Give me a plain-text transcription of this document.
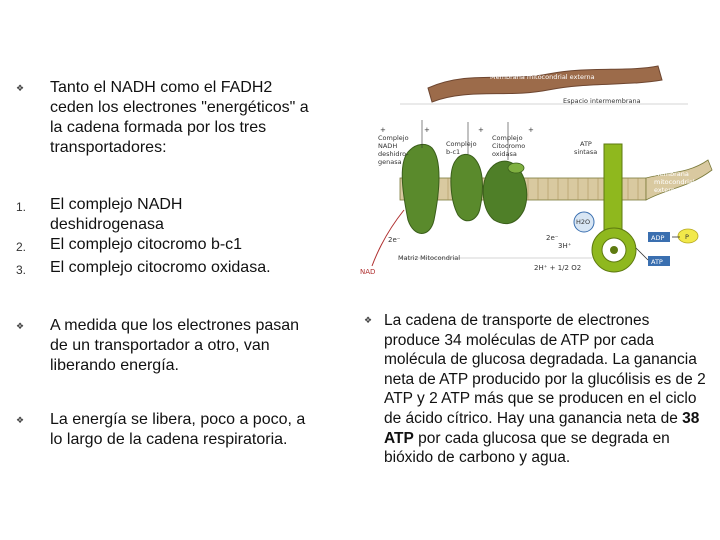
❖ Tanto el NADH como el FADH2
ceden los electrones "energéticos" a
la cadena formada por los tres
transportadores:
1. El complejo NADH
deshidrogenasa
2. El complejo citocromo b-c1
3. El complejo citocromo oxidasa.
❖ A medida que los electrones pasan
de un transportador a otro, van
liberando energía.
❖ La energía se libera, poco a poco, a
lo largo de la cadena respiratoria.
Membrana mitocondrial externa
Espacio intermembrana
Complejo
NADH
deshidro-
genasa
Complejo
b-c1
Complejo
Citocromo
oxidasa
ATP
sintasa
Membrana
mitocondrial
externa
Matriz Mitocondrial
H2O
ADP
ATP
P
+	+	+	+
2e⁻
3H⁺
2H⁺ + 1/2 O2
2e⁻
NAD
❖ La cadena de transporte de electrones produce 34 moléculas de ATP por cada molécula de glucosa degradada. La ganancia neta de ATP producido por la glucólisis es de 2 ATP y 2 ATP más que se producen en el ciclo de ácido cítrico. Hay una ganancia neta de 38 ATP por cada glucosa que se degrada en bióxido de carbono y agua.
